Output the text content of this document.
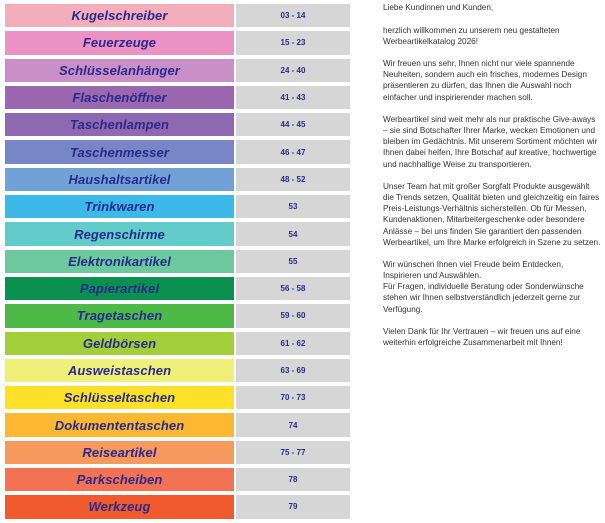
Kugelschreiber	03 - 14
Feuerzeuge	15 - 23
Schlüsselanhänger	24 - 40
Flaschenöffner	41 - 43
Taschenlampen	44 - 45
Taschenmesser	46 - 47
Haushaltsartikel	48 - 52
Trinkwaren	53
Regenschirme	54
Elektronikartikel	55
Papierartikel	56 - 58
Tragetaschen	59 - 60
Geldbörsen	61 - 62
Ausweistaschen	63 - 69
Schlüsseltaschen	70 - 73
Dokumententaschen	74
Reiseartikel	75 - 77
Parkscheiben	78
Werkzeug	79

Liebe Kundinnen und Kunden,

herzlich willkommen zu unserem neu gestalteten Werbeartikelkatalog 2026!

Wir freuen uns sehr, Ihnen nicht nur viele spannende Neuheiten, sondern auch ein frisches, modernes Design präsentieren zu dürfen, das Ihnen die Auswahl noch einfacher und inspirierender machen soll.

Werbeartikel sind weit mehr als nur praktische Give-aways – sie sind Botschafter Ihrer Marke, wecken Emotionen und bleiben im Gedächtnis. Mit unserem Sortiment möchten wir Ihnen dabei helfen, Ihre Botschaf auf kreative, hochwertige und nachhaltige Weise zu transportieren.

Unser Team hat mit großer Sorgfalt Produkte ausgewählt die Trends setzen, Qualität bieten und gleichzeitig ein faires Preis-Leistungs-Verhältnis sicherstellen. Ob für Messen, Kundenaktionen, Mitarbeitergeschenke oder besondere Anlässe – bei uns finden Sie garantiert den passenden Werbeartikel, um Ihre Marke erfolgreich in Szene zu setzen.

Wir wünschen Ihnen viel Freude beim Entdecken, Inspirieren und Auswählen.

Für Fragen, individuelle Beratung oder Sonderwünsche stehen wir Ihnen selbstverständlich jederzeit gerne zur Verfügung.

Vielen Dank für Ihr Vertrauen – wir freuen uns auf eine weiterhin erfolgreiche Zusammenarbeit mit Ihnen!
